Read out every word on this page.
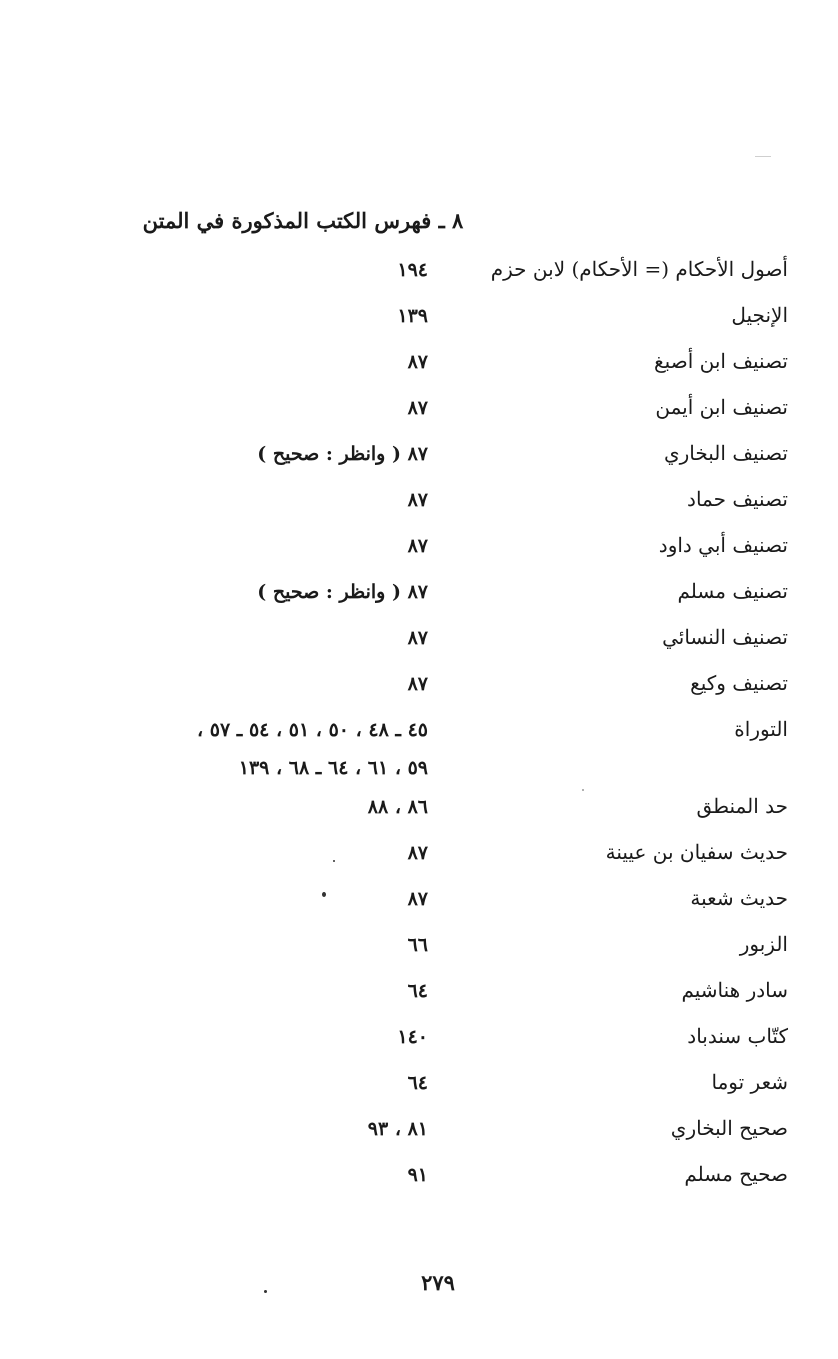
٨ ـ فهرس الكتب المذكورة في المتن
أصول الأحكام (= الأحكام) لابن حزم
١٩٤
الإنجيل
١٣٩
تصنيف ابن أصبغ
٨٧
تصنيف ابن أيمن
٨٧
تصنيف البخاري
٨٧ ( وانظر : صحيح )
تصنيف حماد
٨٧
تصنيف أبي داود
٨٧
تصنيف مسلم
٨٧ ( وانظر : صحيح )
تصنيف النسائي
٨٧
تصنيف وكيع
٨٧
التوراة
٤٥ ـ ٤٨ ، ٥٠ ، ٥١ ، ٥٤ ـ ٥٧ ،
٥٩ ، ٦١ ، ٦٤ ـ ٦٨ ، ١٣٩
حد المنطق
٨٦ ، ٨٨
حديث سفيان بن عيينة
٨٧
حديث شعبة
٨٧
الزبور
٦٦
سادر هناشيم
٦٤
كتّاب سندباد
١٤٠
شعر توما
٦٤
صحيح البخاري
٨١ ، ٩٣
صحيح مسلم
٩١
٢٧٩
